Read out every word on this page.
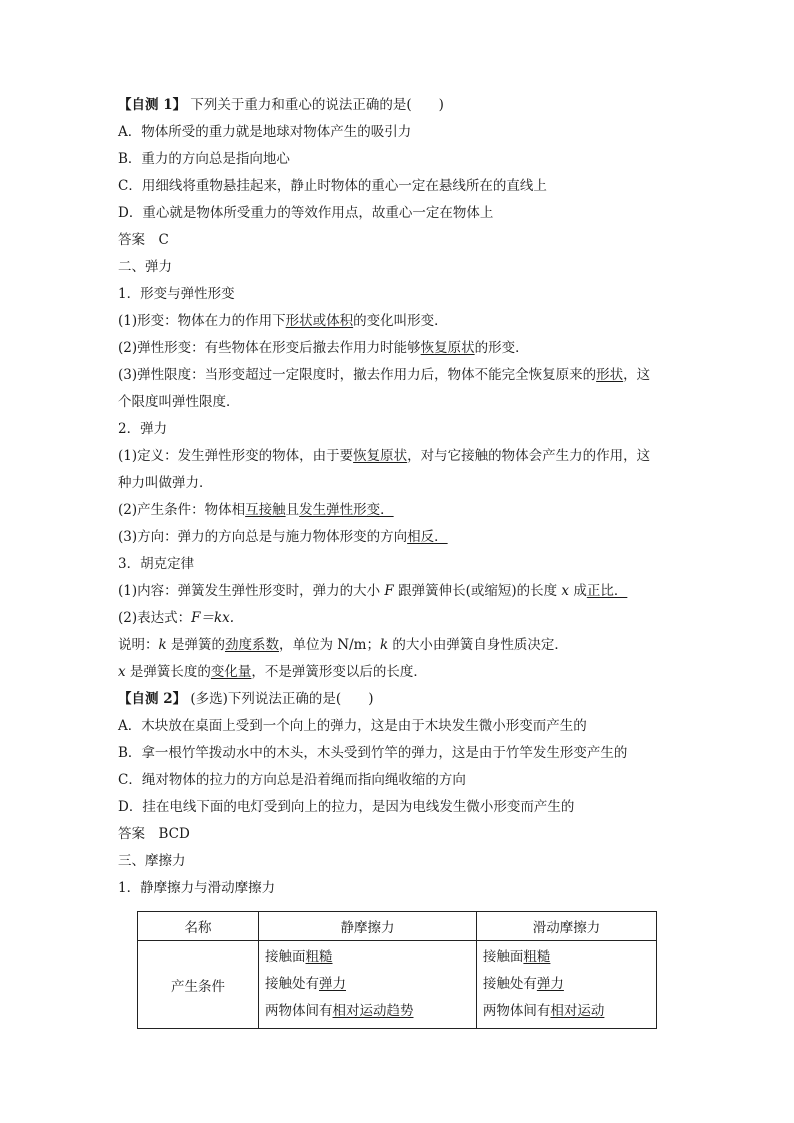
【自测 1】 下列关于重力和重心的说法正确的是(　　)
A．物体所受的重力就是地球对物体产生的吸引力
B．重力的方向总是指向地心
C．用细线将重物悬挂起来，静止时物体的重心一定在悬线所在的直线上
D．重心就是物体所受重力的等效作用点，故重心一定在物体上
答案　C
二、弹力
1．形变与弹性形变
(1)形变：物体在力的作用下形状或体积的变化叫形变．
(2)弹性形变：有些物体在形变后撤去作用力时能够恢复原状的形变．
(3)弹性限度：当形变超过一定限度时，撤去作用力后，物体不能完全恢复原来的形状，这
个限度叫弹性限度．
2．弹力
(1)定义：发生弹性形变的物体，由于要恢复原状，对与它接触的物体会产生力的作用，这
种力叫做弹力．
(2)产生条件：物体相互接触且发生弹性形变．
(3)方向：弹力的方向总是与施力物体形变的方向相反．
3．胡克定律
(1)内容：弹簧发生弹性形变时，弹力的大小 F 跟弹簧伸长(或缩短)的长度 x 成正比．
(2)表达式：F＝kx.
说明：k 是弹簧的劲度系数，单位为 N/m；k 的大小由弹簧自身性质决定．
x 是弹簧长度的变化量，不是弹簧形变以后的长度．
【自测 2】 (多选)下列说法正确的是(　　)
A．木块放在桌面上受到一个向上的弹力，这是由于木块发生微小形变而产生的
B．拿一根竹竿拨动水中的木头，木头受到竹竿的弹力，这是由于竹竿发生形变产生的
C．绳对物体的拉力的方向总是沿着绳而指向绳收缩的方向
D．挂在电线下面的电灯受到向上的拉力，是因为电线发生微小形变而产生的
答案　BCD
三、摩擦力
1．静摩擦力与滑动摩擦力
名称	静摩擦力	滑动摩擦力
产生条件	接触面粗糙
接触处有弹力
两物体间有相对运动趋势	接触面粗糙
接触处有弹力
两物体间有相对运动
